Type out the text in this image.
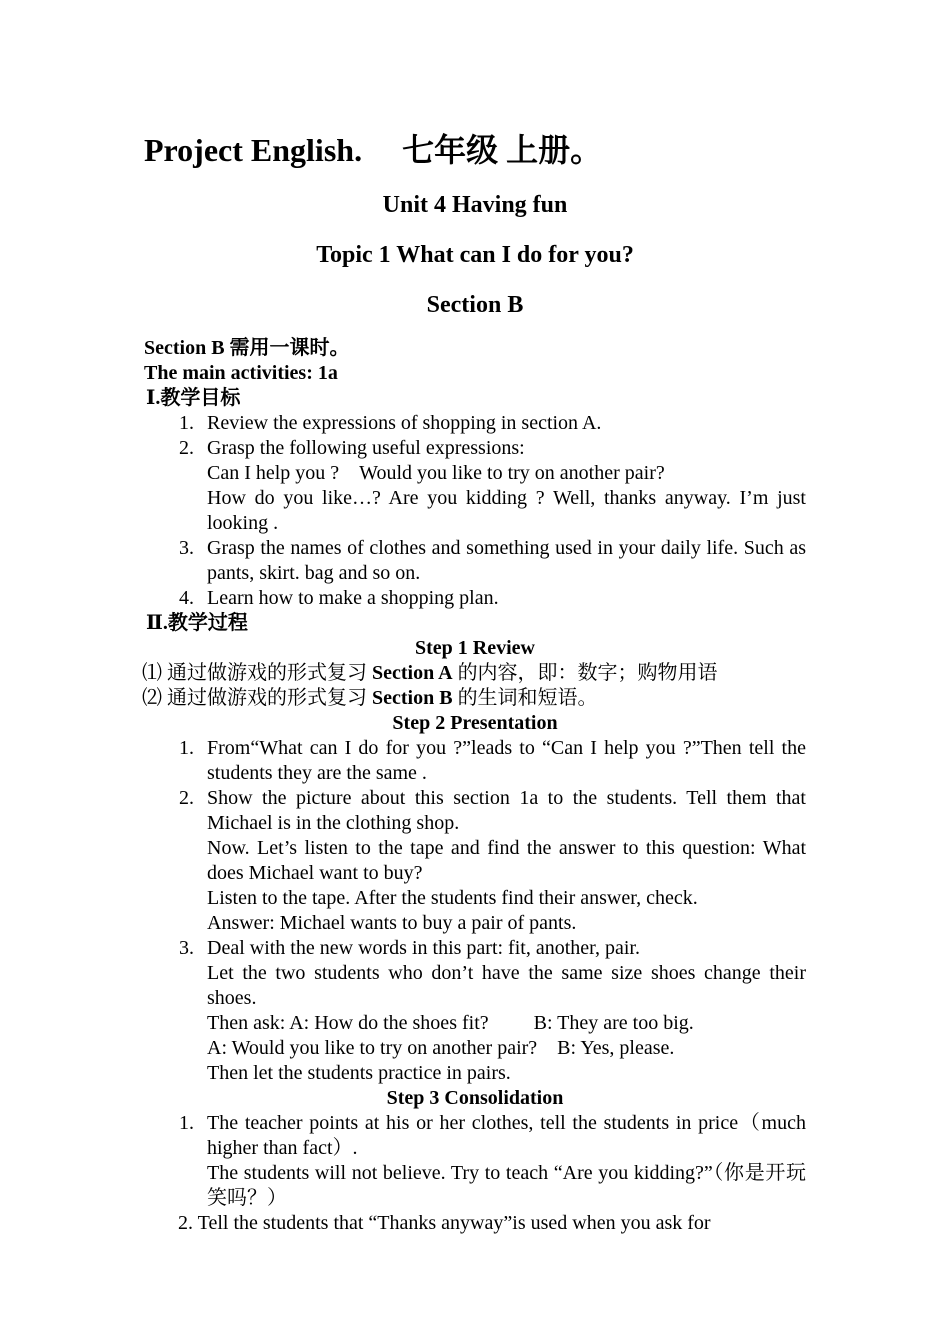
Project English.　 七年级 上册。
Unit 4 Having fun
Topic 1 What can I do for you?
Section B
Section B 需用一课时。
The main activities: 1a
Ⅰ.教学目标
1. Review the expressions of shopping in section A.
2. Grasp the following useful expressions:
Can I help you ?　Would you like to try on another pair?
How do you like…? Are you kidding ? Well, thanks anyway. I’m just looking .
3. Grasp the names of clothes and something used in your daily life. Such as pants, skirt. bag and so on.
4. Learn how to make a shopping plan.
Ⅱ.教学过程
Step 1 Review
⑴ 通过做游戏的形式复习 Section A 的内容，即：数字；购物用语
⑵ 通过做游戏的形式复习 Section B 的生词和短语。
Step 2 Presentation
1. From“What can I do for you ?”leads to “Can I help you ?”Then tell the students they are the same .
2. Show the picture about this section 1a to the students. Tell them that Michael is in the clothing shop.
Now. Let’s listen to the tape and find the answer to this question: What does Michael want to buy?
Listen to the tape. After the students find their answer, check.
Answer: Michael wants to buy a pair of pants.
3. Deal with the new words in this part: fit, another, pair.
Let the two students who don’t have the same size shoes change their shoes.
Then ask: A: How do the shoes fit?   B: They are too big.
A: Would you like to try on another pair? B: Yes, please.
Then let the students practice in pairs.
Step 3 Consolidation
1. The teacher points at his or her clothes, tell the students in price（much higher than fact）.
The students will not believe. Try to teach “Are you kidding?”（你是开玩笑吗？）
2. Tell the students that “Thanks anyway”is used when you ask for
